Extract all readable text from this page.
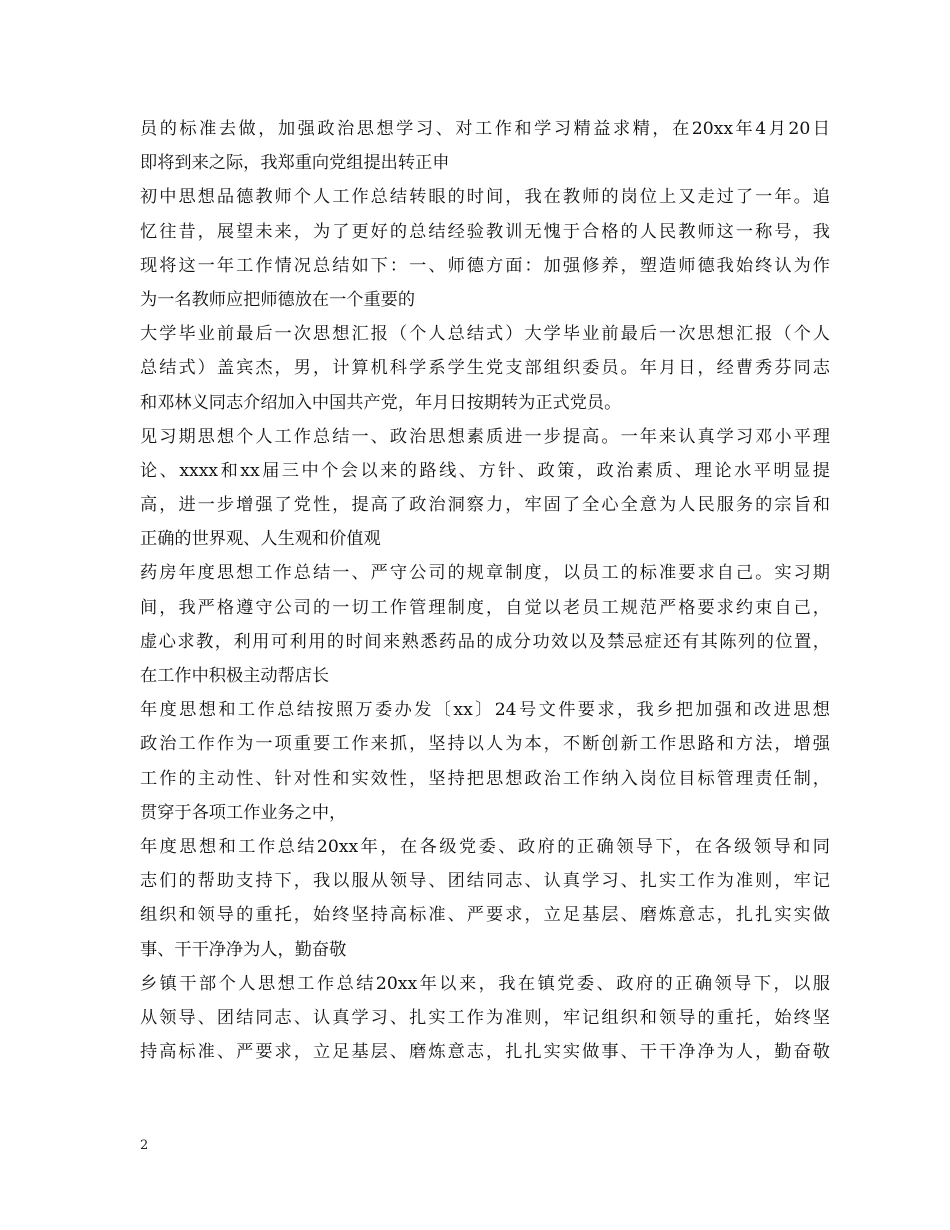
员的标准去做，加强政治思想学习、对工作和学习精益求精，在20xx年4月20日
即将到来之际，我郑重向党组提出转正申
初中思想品德教师个人工作总结转眼的时间，我在教师的岗位上又走过了一年。追
忆往昔，展望未来，为了更好的总结经验教训无愧于合格的人民教师这一称号，我
现将这一年工作情况总结如下：一、师德方面：加强修养，塑造师德我始终认为作
为一名教师应把师德放在一个重要的
大学毕业前最后一次思想汇报（个人总结式）大学毕业前最后一次思想汇报（个人
总结式）盖宾杰，男，计算机科学系学生党支部组织委员。年月日，经曹秀芬同志
和邓林义同志介绍加入中国共产党，年月日按期转为正式党员。
见习期思想个人工作总结一、政治思想素质进一步提高。一年来认真学习邓小平理
论、xxxx和xx届三中个会以来的路线、方针、政策，政治素质、理论水平明显提
高，进一步增强了党性，提高了政治洞察力，牢固了全心全意为人民服务的宗旨和
正确的世界观、人生观和价值观
药房年度思想工作总结一、严守公司的规章制度，以员工的标准要求自己。实习期
间，我严格遵守公司的一切工作管理制度，自觉以老员工规范严格要求约束自己，
虚心求教，利用可利用的时间来熟悉药品的成分功效以及禁忌症还有其陈列的位置，
在工作中积极主动帮店长
年度思想和工作总结按照万委办发〔xx〕24号文件要求，我乡把加强和改进思想
政治工作作为一项重要工作来抓，坚持以人为本，不断创新工作思路和方法，增强
工作的主动性、针对性和实效性，坚持把思想政治工作纳入岗位目标管理责任制，
贯穿于各项工作业务之中，
年度思想和工作总结20xx年，在各级党委、政府的正确领导下，在各级领导和同
志们的帮助支持下，我以服从领导、团结同志、认真学习、扎实工作为准则，牢记
组织和领导的重托，始终坚持高标准、严要求，立足基层、磨炼意志，扎扎实实做
事、干干净净为人，勤奋敬
乡镇干部个人思想工作总结20xx年以来，我在镇党委、政府的正确领导下，以服
从领导、团结同志、认真学习、扎实工作为准则，牢记组织和领导的重托，始终坚
持高标准、严要求，立足基层、磨炼意志，扎扎实实做事、干干净净为人，勤奋敬
2
